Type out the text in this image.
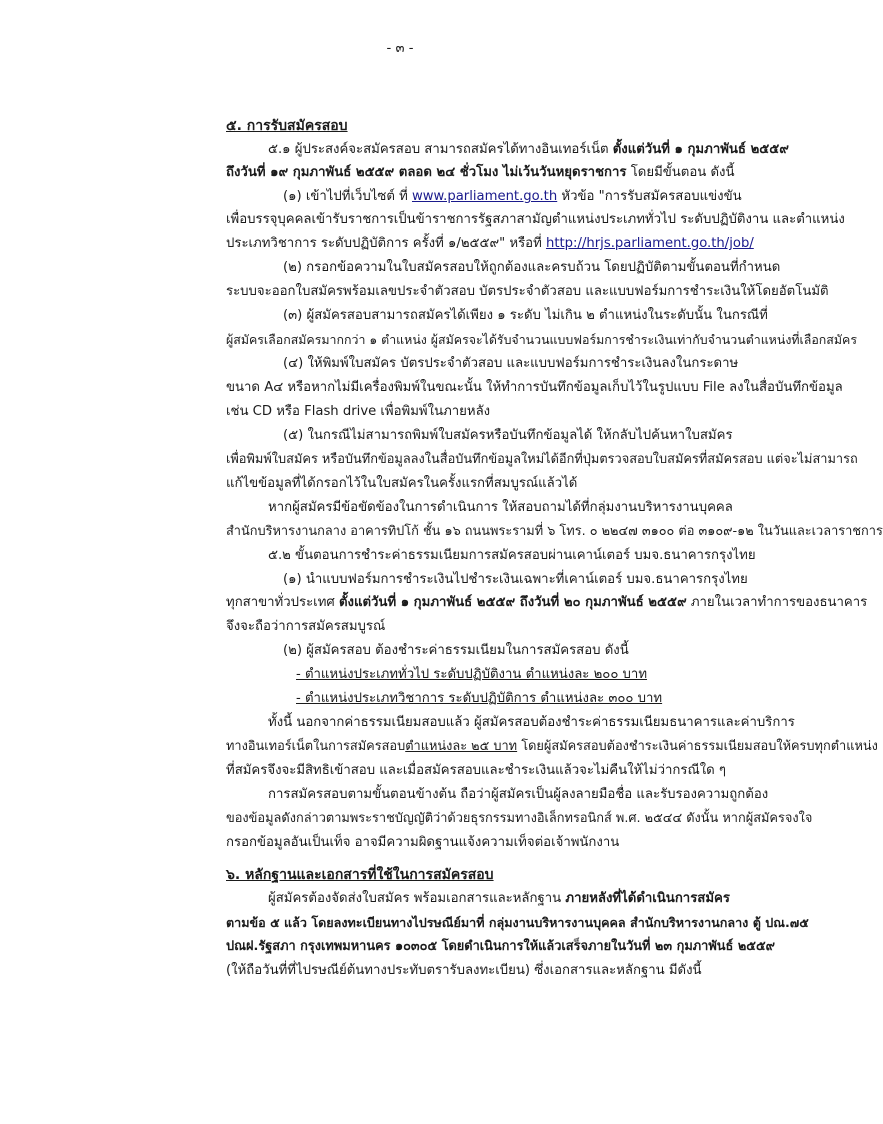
- ๓ -
๕. การรับสมัครสอบ
๕.๑ ผู้ประสงค์จะสมัครสอบ สามารถสมัครได้ทางอินเทอร์เน็ต ตั้งแต่วันที่ ๑ กุมภาพันธ์ ๒๕๕๙
ถึงวันที่ ๑๙ กุมภาพันธ์ ๒๕๕๙ ตลอด ๒๔ ชั่วโมง ไม่เว้นวันหยุดราชการ โดยมีขั้นตอน ดังนี้
(๑) เข้าไปที่เว็บไซต์ ที่ www.parliament.go.th หัวข้อ "การรับสมัครสอบแข่งขัน
เพื่อบรรจุบุคคลเข้ารับราชการเป็นข้าราชการรัฐสภาสามัญตำแหน่งประเภททั่วไป ระดับปฏิบัติงาน และตำแหน่ง
ประเภทวิชาการ ระดับปฏิบัติการ ครั้งที่ ๑/๒๕๕๙" หรือที่ http://hrjs.parliament.go.th/job/
(๒) กรอกข้อความในใบสมัครสอบให้ถูกต้องและครบถ้วน โดยปฏิบัติตามขั้นตอนที่กำหนด
ระบบจะออกใบสมัครพร้อมเลขประจำตัวสอบ บัตรประจำตัวสอบ และแบบฟอร์มการชำระเงินให้โดยอัตโนมัติ
(๓) ผู้สมัครสอบสามารถสมัครได้เพียง ๑ ระดับ ไม่เกิน ๒ ตำแหน่งในระดับนั้น ในกรณีที่
ผู้สมัครเลือกสมัครมากกว่า ๑ ตำแหน่ง ผู้สมัครจะได้รับจำนวนแบบฟอร์มการชำระเงินเท่ากับจำนวนตำแหน่งที่เลือกสมัคร
(๔) ให้พิมพ์ใบสมัคร บัตรประจำตัวสอบ และแบบฟอร์มการชำระเงินลงในกระดาษ
ขนาด A๔ หรือหากไม่มีเครื่องพิมพ์ในขณะนั้น ให้ทำการบันทึกข้อมูลเก็บไว้ในรูปแบบ File ลงในสื่อบันทึกข้อมูล
เช่น CD หรือ Flash drive เพื่อพิมพ์ในภายหลัง
(๕) ในกรณีไม่สามารถพิมพ์ใบสมัครหรือบันทึกข้อมูลได้ ให้กลับไปค้นหาใบสมัคร
เพื่อพิมพ์ใบสมัคร หรือบันทึกข้อมูลลงในสื่อบันทึกข้อมูลใหม่ได้อีกที่ปุ่มตรวจสอบใบสมัครที่สมัครสอบ แต่จะไม่สามารถ
แก้ไขข้อมูลที่ได้กรอกไว้ในใบสมัครในครั้งแรกที่สมบูรณ์แล้วได้
หากผู้สมัครมีข้อขัดข้องในการดำเนินการ ให้สอบถามได้ที่กลุ่มงานบริหารงานบุคคล
สำนักบริหารงานกลาง อาคารทิปโก้ ชั้น ๑๖ ถนนพระรามที่ ๖ โทร. ๐ ๒๒๔๗ ๓๑๐๐ ต่อ ๓๑๐๙-๑๒ ในวันและเวลาราชการ
๕.๒ ขั้นตอนการชำระค่าธรรมเนียมการสมัครสอบผ่านเคาน์เตอร์ บมจ.ธนาคารกรุงไทย
(๑) นำแบบฟอร์มการชำระเงินไปชำระเงินเฉพาะที่เคาน์เตอร์ บมจ.ธนาคารกรุงไทย
ทุกสาขาทั่วประเทศ ตั้งแต่วันที่ ๑ กุมภาพันธ์ ๒๕๕๙ ถึงวันที่ ๒๐ กุมภาพันธ์ ๒๕๕๙ ภายในเวลาทำการของธนาคาร
จึงจะถือว่าการสมัครสมบูรณ์
(๒) ผู้สมัครสอบ ต้องชำระค่าธรรมเนียมในการสมัครสอบ ดังนี้
- ตำแหน่งประเภททั่วไป ระดับปฏิบัติงาน ตำแหน่งละ ๒๐๐ บาท
- ตำแหน่งประเภทวิชาการ ระดับปฏิบัติการ ตำแหน่งละ ๓๐๐ บาท
ทั้งนี้ นอกจากค่าธรรมเนียมสอบแล้ว ผู้สมัครสอบต้องชำระค่าธรรมเนียมธนาคารและค่าบริการ
ทางอินเทอร์เน็ตในการสมัครสอบตำแหน่งละ ๒๕ บาท โดยผู้สมัครสอบต้องชำระเงินค่าธรรมเนียมสอบให้ครบทุกตำแหน่ง
ที่สมัครจึงจะมีสิทธิเข้าสอบ และเมื่อสมัครสอบและชำระเงินแล้วจะไม่คืนให้ไม่ว่ากรณีใด ๆ
การสมัครสอบตามขั้นตอนข้างต้น ถือว่าผู้สมัครเป็นผู้ลงลายมือชื่อ และรับรองความถูกต้อง
ของข้อมูลดังกล่าวตามพระราชบัญญัติว่าด้วยธุรกรรมทางอิเล็กทรอนิกส์ พ.ศ. ๒๕๔๔ ดังนั้น หากผู้สมัครจงใจ
กรอกข้อมูลอันเป็นเท็จ อาจมีความผิดฐานแจ้งความเท็จต่อเจ้าพนักงาน
๖. หลักฐานและเอกสารที่ใช้ในการสมัครสอบ
ผู้สมัครต้องจัดส่งใบสมัคร พร้อมเอกสารและหลักฐาน ภายหลังที่ได้ดำเนินการสมัคร
ตามข้อ ๕ แล้ว โดยลงทะเบียนทางไปรษณีย์มาที่ กลุ่มงานบริหารงานบุคคล สำนักบริหารงานกลาง ตู้ ปณ.๗๕
ปณฝ.รัฐสภา กรุงเทพมหานคร ๑๐๓๐๕ โดยดำเนินการให้แล้วเสร็จภายในวันที่ ๒๓ กุมภาพันธ์ ๒๕๕๙
(ให้ถือวันที่ที่ไปรษณีย์ต้นทางประทับตรารับลงทะเบียน) ซึ่งเอกสารและหลักฐาน มีดังนี้
